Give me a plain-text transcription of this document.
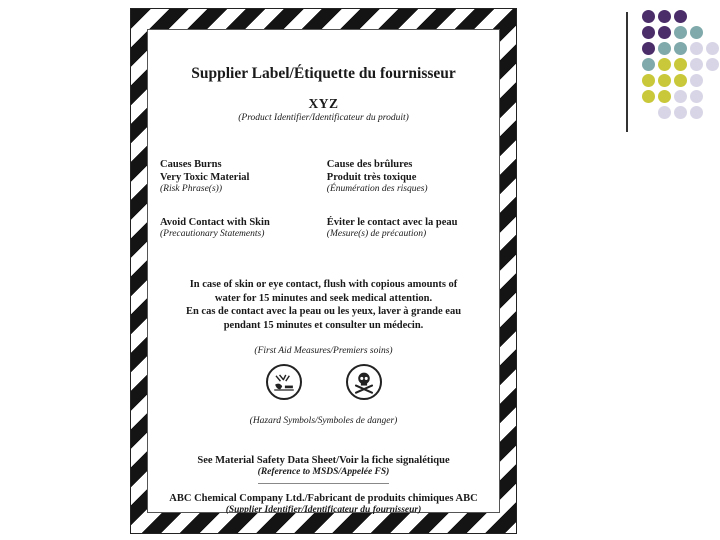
Supplier Label/Étiquette du fournisseur
XYZ
(Product Identifier/Identificateur du produit)
Causes Burns
Very Toxic Material
(Risk Phrase(s))
Cause des brûlures
Produit très toxique
(Énumération des risques)
Avoid Contact with Skin
(Precautionary Statements)
Éviter le contact avec la peau
(Mesure(s) de précaution)
In case of skin or eye contact, flush with copious amounts of
water for 15 minutes and seek medical attention.
En cas de contact avec la peau ou les yeux, laver à grande eau
pendant 15 minutes et consulter un médecin.
(First Aid Measures/Premiers soins)
(Hazard Symbols/Symboles de danger)
See Material Safety Data Sheet/Voir la fiche signalétique
(Reference to MSDS/Appelée FS)
ABC Chemical Company Ltd./Fabricant de produits chimiques ABC
(Supplier Identifier/Identificateur du fournisseur)
